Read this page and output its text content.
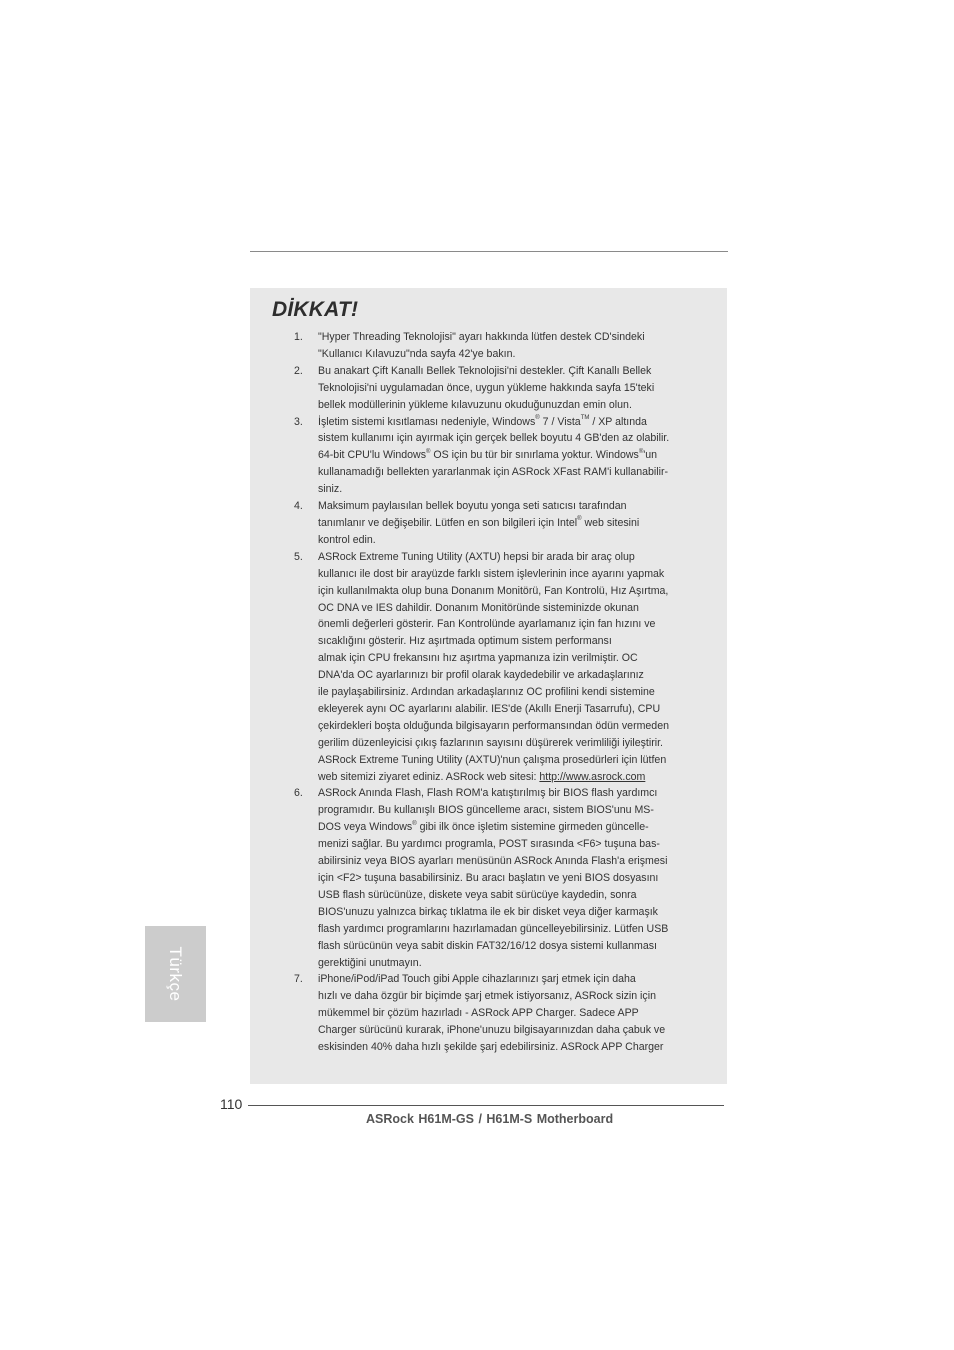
DİKKAT!
1. "Hyper Threading Teknolojisi" ayarı hakkında lütfen destek CD'sindeki
"Kullanıcı Kılavuzu"nda sayfa 42'ye bakın.
2. Bu anakart Çift Kanallı Bellek Teknolojisi'ni destekler. Çift Kanallı Bellek
Teknolojisi'ni uygulamadan önce, uygun yükleme hakkında sayfa 15'teki
bellek modüllerinin yükleme kılavuzunu okuduğunuzdan emin olun.
3. İşletim sistemi kısıtlaması nedeniyle, Windows® 7 / Vista™ / XP altında
sistem kullanımı için ayırmak için gerçek bellek boyutu 4 GB'den az olabilir.
64-bit CPU'lu Windows® OS için bu tür bir sınırlama yoktur. Windows®'un
kullanamadığı bellekten yararlanmak için ASRock XFast RAM'i kullanabilir-
siniz.
4. Maksimum paylaısılan bellek boyutu yonga seti satıcısı tarafından
tanımlanır ve değişebilir. Lütfen en son bilgileri için Intel® web sitesini
kontrol edin.
5. ASRock Extreme Tuning Utility (AXTU) hepsi bir arada bir araç olup
kullanıcı ile dost bir arayüzde farklı sistem işlevlerinin ince ayarını yapmak
için kullanılmakta olup buna Donanım Monitörü, Fan Kontrolü, Hız Aşırtma,
OC DNA ve IES dahildir. Donanım Monitöründe sisteminizde okunan
önemli değerleri gösterir. Fan Kontrolünde ayarlamanız için fan hızını ve
sıcaklığını gösterir. Hız aşırtmada optimum sistem performansı
almak için CPU frekansını hız aşırtma yapmanıza izin verilmiştir. OC
DNA'da OC ayarlarınızı bir profil olarak kaydedebilir ve arkadaşlarınız
ile paylaşabilirsiniz. Ardından arkadaşlarınız OC profilini kendi sistemine
ekleyerek aynı OC ayarlarını alabilir. IES'de (Akıllı Enerji Tasarrufu), CPU
çekirdekleri boşta olduğunda bilgisayarın performansından ödün vermeden
gerilim düzenleyicisi çıkış fazlarının sayısını düşürerek verimliliği iyileştirir.
ASRock Extreme Tuning Utility (AXTU)'nun çalışma prosedürleri için lütfen
web sitemizi ziyaret ediniz. ASRock web sitesi: http://www.asrock.com
6. ASRock Anında Flash, Flash ROM'a katıştırılmış bir BIOS flash yardımcı
programıdır. Bu kullanışlı BIOS güncelleme aracı, sistem BIOS'unu MS-
DOS veya Windows® gibi ilk önce işletim sistemine girmeden güncelle-
menizi sağlar. Bu yardımcı programla, POST sırasında <F6> tuşuna bas-
abilirsiniz veya BIOS ayarları menüsünün ASRock Anında Flash'a erişmesi
için <F2> tuşuna basabilirsiniz. Bu aracı başlatın ve yeni BIOS dosyasını
USB flash sürücünüze, diskete veya sabit sürücüye kaydedin, sonra
BIOS'unuzu yalnızca birkaç tıklatma ile ek bir disket veya diğer karmaşık
flash yardımcı programlarını hazırlamadan güncelleyebilirsiniz. Lütfen USB
flash sürücünün veya sabit diskin FAT32/16/12 dosya sistemi kullanması
gerektiğini unutmayın.
7. iPhone/iPod/iPad Touch gibi Apple cihazlarınızı şarj etmek için daha
hızlı ve daha özgür bir biçimde şarj etmek istiyorsanız, ASRock sizin için
mükemmel bir çözüm hazırladı - ASRock APP Charger. Sadece APP
Charger sürücünü kurarak, iPhone'unuzu bilgisayarınızdan daha çabuk ve
eskisinden 40% daha hızlı şekilde şarj edebilirsiniz. ASRock APP Charger
Türkçe
110
ASRock H61M-GS / H61M-S Motherboard
